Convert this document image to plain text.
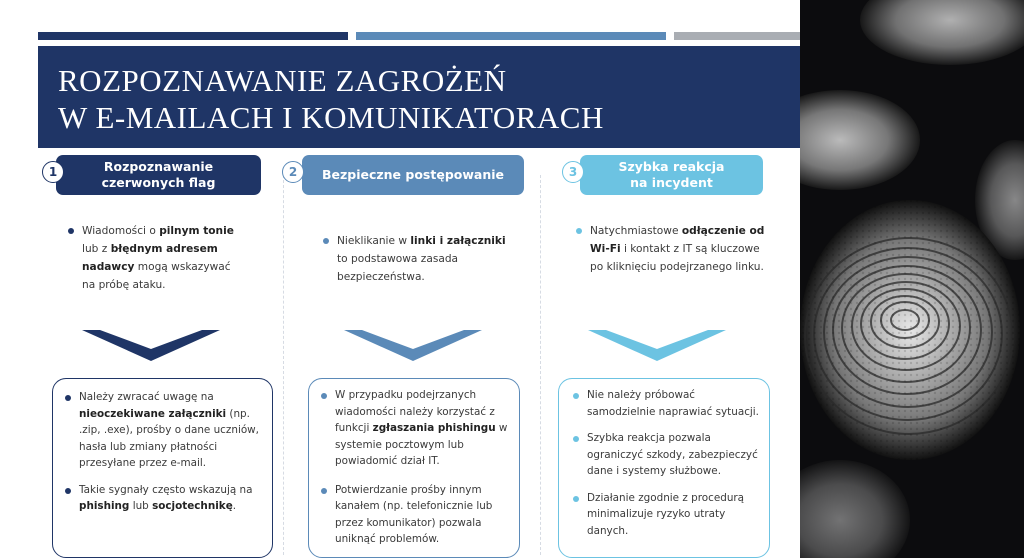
ROZPOZNAWANIE ZAGROŻEŃ
W E-MAILACH I KOMUNIKATORACH
1	Rozpoznawanie czerwonych flag
Wiadomości o pilnym tonie lub z błędnym adresem nadawcy mogą wskazywać na próbę ataku.
Należy zwracać uwagę na nieoczekiwane załączniki (np. .zip, .exe), prośby o dane uczniów, hasła lub zmiany płatności przesyłane przez e-mail.
Takie sygnały często wskazują na phishing lub socjotechnikę.
2	Bezpieczne postępowanie
Nieklikanie w linki i załączniki to podstawowa zasada bezpieczeństwa.
W przypadku podejrzanych wiadomości należy korzystać z funkcji zgłaszania phishingu w systemie pocztowym lub powiadomić dział IT.
Potwierdzanie prośby innym kanałem (np. telefonicznie lub przez komunikator) pozwala uniknąć problemów.
3	Szybka reakcja na incydent
Natychmiastowe odłączenie od Wi-Fi i kontakt z IT są kluczowe po kliknięciu podejrzanego linku.
Nie należy próbować samodzielnie naprawiać sytuacji.
Szybka reakcja pozwala ograniczyć szkody, zabezpieczyć dane i systemy służbowe.
Działanie zgodnie z procedurą minimalizuje ryzyko utraty danych.
